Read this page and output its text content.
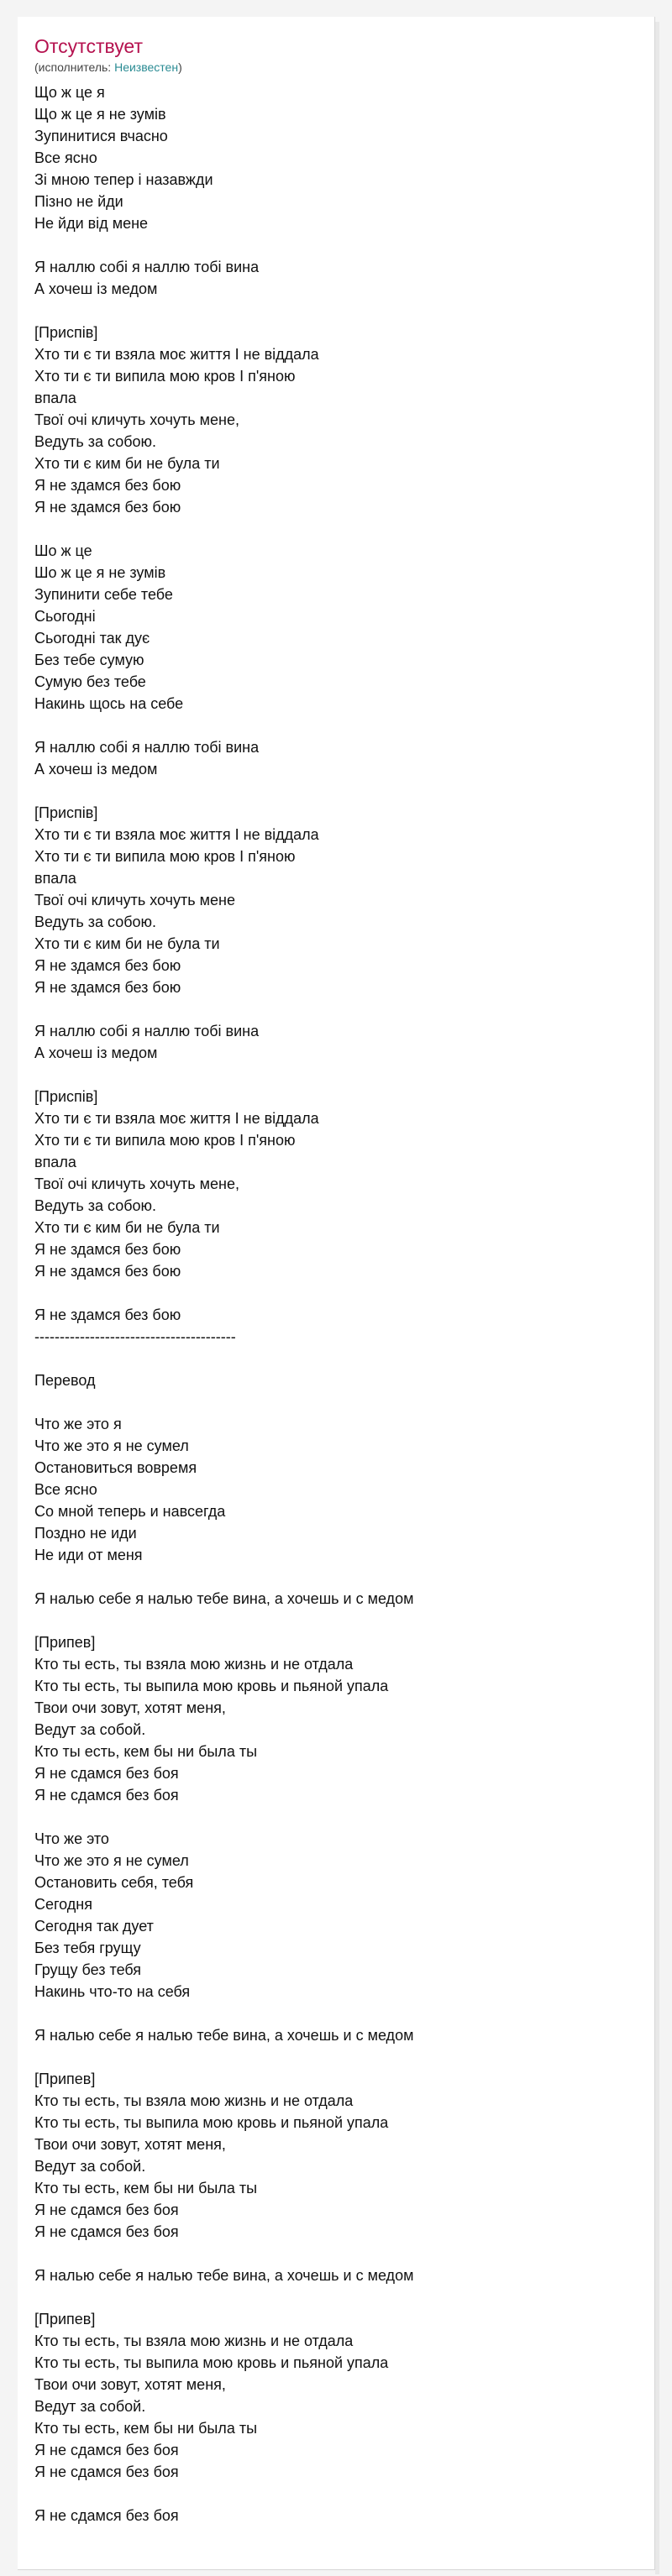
Отсутствует
(исполнитель: Неизвестен)
Що ж це я
Що ж це я не зумів
Зупинитися вчасно
Все ясно
Зі мною тепер і назавжди
Пізно не йди
Не йди від мене
Я наллю собі я наллю тобі вина
А хочеш із медом
[Приспів]
Хто ти є ти взяла моє життя І не віддала
Хто ти є ти випила мою кров І п'яною
впала
Твої очі кличуть хочуть мене,
Ведуть за собою.
Хто ти є ким би не була ти
Я не здамся без бою
Я не здамся без бою
Шо ж це
Шо ж це я не зумів
Зупинити себе тебе
Сьогодні
Сьогодні так дує
Без тебе сумую
Сумую без тебе
Накинь щось на себе
Я наллю собі я наллю тобі вина
А хочеш із медом
[Приспів]
Хто ти є ти взяла моє життя І не віддала
Хто ти є ти випила мою кров І п'яною
впала
Твої очі кличуть хочуть мене
Ведуть за собою.
Хто ти є ким би не була ти
Я не здамся без бою
Я не здамся без бою
Я наллю собі я наллю тобі вина
А хочеш із медом
[Приспів]
Хто ти є ти взяла моє життя І не віддала
Хто ти є ти випила мою кров І п'яною
впала
Твої очі кличуть хочуть мене,
Ведуть за собою.
Хто ти є ким би не була ти
Я не здамся без бою
Я не здамся без бою
Я не здамся без бою
----------------------------------------
Перевод
Что же это я
Что же это я не сумел
Остановиться вовремя
Все ясно
Со мной теперь и навсегда
Поздно не иди
Не иди от меня
Я налью себе я налью тебе вина, а хочешь и с медом
[Припев]
Кто ты есть, ты взяла мою жизнь и не отдала
Кто ты есть, ты выпила мою кровь и пьяной упала
Твои очи зовут, хотят меня,
Ведут за собой.
Кто ты есть, кем бы ни была ты
Я не сдамся без боя
Я не сдамся без боя
Что же это
Что же это я не сумел
Остановить себя, тебя
Сегодня
Сегодня так дует
Без тебя грущу
Грущу без тебя
Накинь что-то на себя
Я налью себе я налью тебе вина, а хочешь и с медом
[Припев]
Кто ты есть, ты взяла мою жизнь и не отдала
Кто ты есть, ты выпила мою кровь и пьяной упала
Твои очи зовут, хотят меня,
Ведут за собой.
Кто ты есть, кем бы ни была ты
Я не сдамся без боя
Я не сдамся без боя
Я налью себе я налью тебе вина, а хочешь и с медом
[Припев]
Кто ты есть, ты взяла мою жизнь и не отдала
Кто ты есть, ты выпила мою кровь и пьяной упала
Твои очи зовут, хотят меня,
Ведут за собой.
Кто ты есть, кем бы ни была ты
Я не сдамся без боя
Я не сдамся без боя
Я не сдамся без боя
